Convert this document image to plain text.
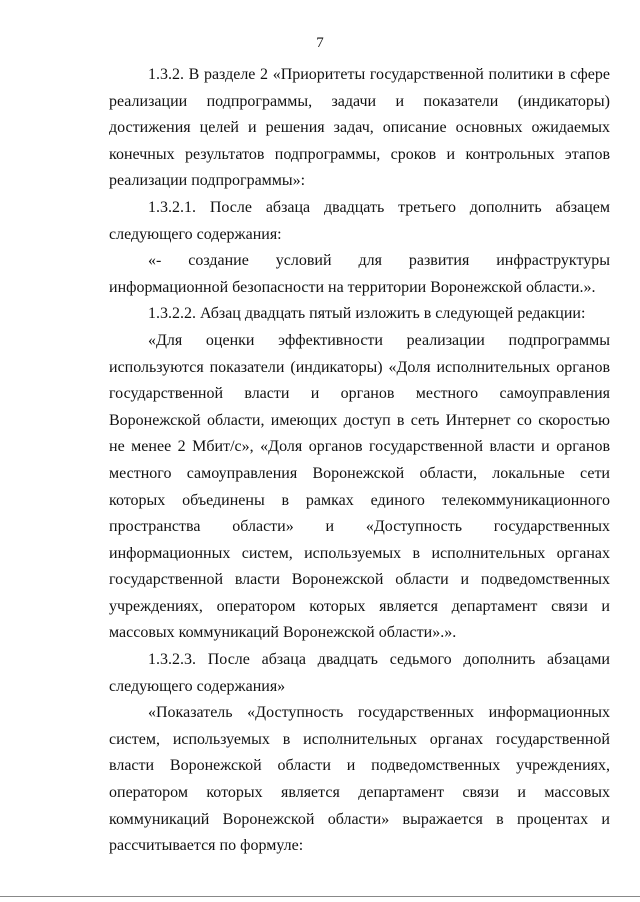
7

1.3.2. В разделе 2 «Приоритеты государственной политики в сфере реализации подпрограммы, задачи и показатели (индикаторы) достижения целей и решения задач, описание основных ожидаемых конечных результатов подпрограммы, сроков и контрольных этапов реализации подпрограммы»:

1.3.2.1. После абзаца двадцать третьего дополнить абзацем следующего содержания:

«- создание условий для развития инфраструктуры информационной безопасности на территории Воронежской области.».

1.3.2.2. Абзац двадцать пятый изложить в следующей редакции:

«Для оценки эффективности реализации подпрограммы используются показатели (индикаторы) «Доля исполнительных органов государственной власти и органов местного самоуправления Воронежской области, имеющих доступ в сеть Интернет со скоростью не менее 2 Мбит/с», «Доля органов государственной власти и органов местного самоуправления Воронежской области, локальные сети которых объединены в рамках единого телекоммуникационного пространства области» и «Доступность государственных информационных систем, используемых в исполнительных органах государственной власти Воронежской области и подведомственных учреждениях, оператором которых является департамент связи и массовых коммуникаций Воронежской области».».

1.3.2.3. После абзаца двадцать седьмого дополнить абзацами следующего содержания»

«Показатель «Доступность государственных информационных систем, используемых в исполнительных органах государственной власти Воронежской области и подведомственных учреждениях, оператором которых является департамент связи и массовых коммуникаций Воронежской области» выражается в процентах и рассчитывается по формуле:
